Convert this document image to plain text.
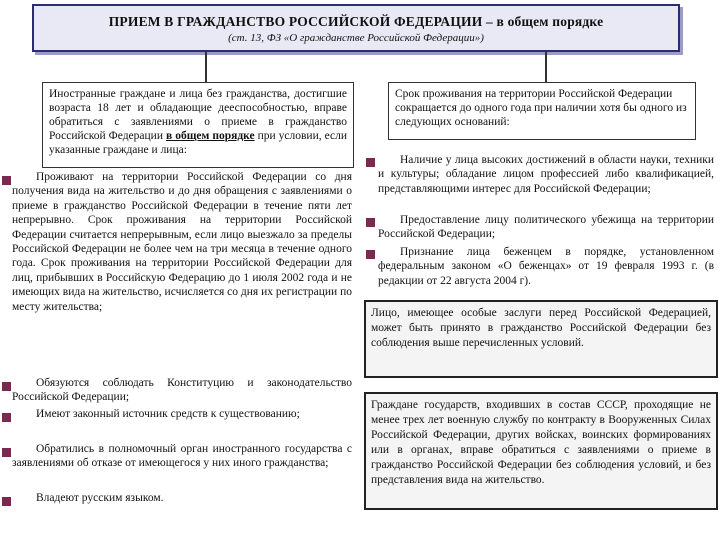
ПРИЕМ В ГРАЖДАНСТВО РОССИЙСКОЙ ФЕДЕРАЦИИ – в общем порядке
(ст. 13, ФЗ «О гражданстве Российской Федерации»)
Иностранные граждане и лица без гражданства, достигшие возраста 18 лет и обладающие дееспособностью, вправе обратиться с заявлениями о приеме в гражданство Российской Федерации в общем порядке при условии, если указанные граждане и лица:
Срок проживания на территории Российской Федерации сокращается до одного года при наличии хотя бы одного из следующих оснований:
Проживают на территории Российской Федерации со дня получения вида на жительство и до дня обращения с заявлениями о приеме в гражданство Российской Федерации в течение пяти лет непрерывно. Срок проживания на территории Российской Федерации считается непрерывным, если лицо выезжало за пределы Российской Федерации не более чем на три месяца в течение одного года. Срок проживания на территории Российской Федерации для лиц, прибывших в Российскую Федерацию до 1 июля 2002 года и не имеющих вида на жительство, исчисляется со дня их регистрации по месту жительства;
Обязуются соблюдать Конституцию и законодательство Российской Федерации;
Имеют законный источник средств к существованию;
Обратились в полномочный орган иностранного государства с заявлениями об отказе от имеющегося у них иного гражданства;
Владеют русским языком.
Наличие у лица высоких достижений в области науки, техники и культуры; обладание лицом профессией либо квалификацией, представляющими интерес для Российской Федерации;
Предоставление лицу политического убежища на территории Российской Федерации;
Признание лица беженцем в порядке, установленном федеральным законом «О беженцах» от 19 февраля 1993 г. (в редакции от 22 августа 2004 г).
Лицо, имеющее особые заслуги перед Российской Федерацией, может быть принято в гражданство Российской Федерации без соблюдения выше перечисленных условий.
Граждане государств, входивших в состав СССР, проходящие не менее трех лет военную службу по контракту в Вооруженных Силах Российской Федерации, других войсках, воинских формированиях или в органах, вправе обратиться с заявлениями о приеме в гражданство Российской Федерации без соблюдения условий, и без представления вида на жительство.
